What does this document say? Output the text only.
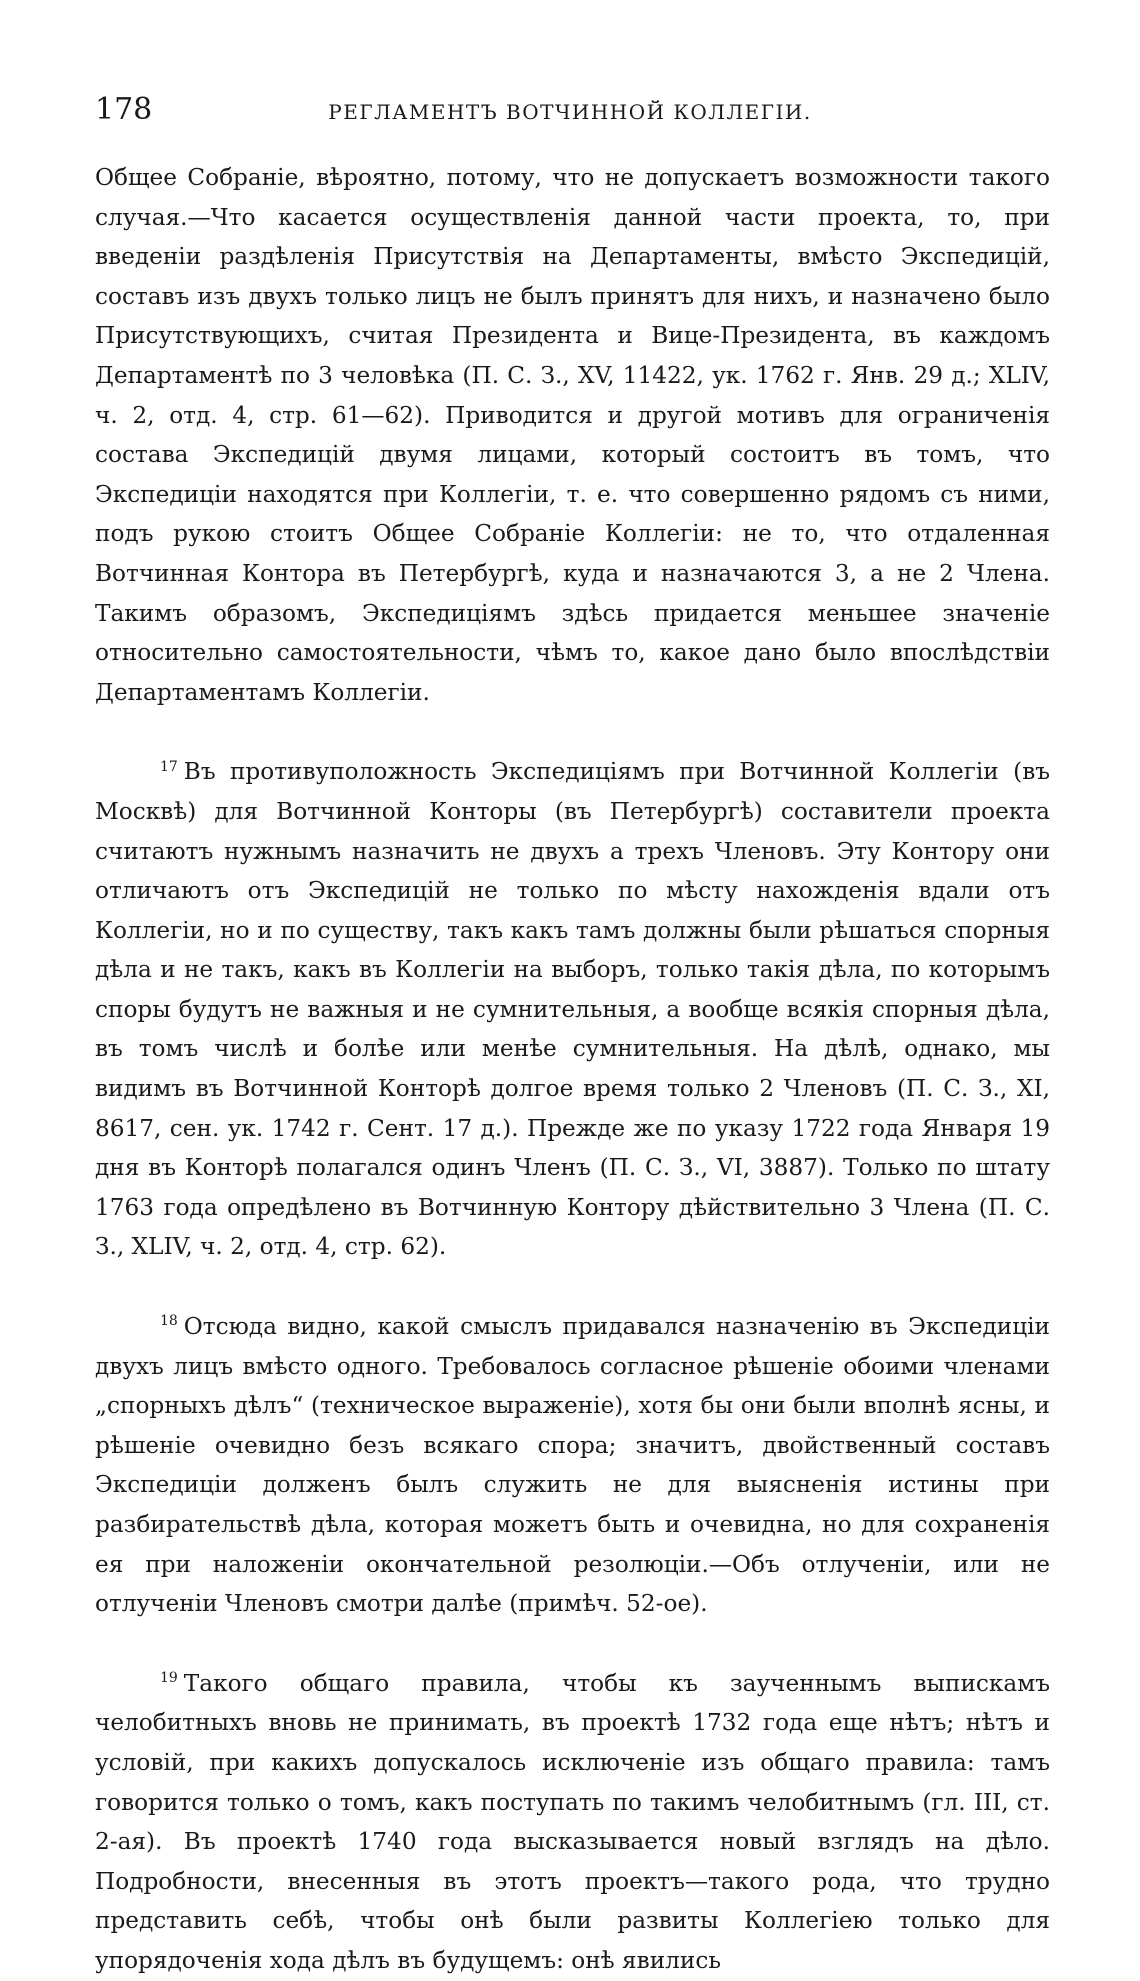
178	РЕГЛАМЕНТЪ ВОТЧИННОЙ КОЛЛЕГІИ.

Общее Собраніе, вѣроятно, потому, что не допускаетъ возможности такого случая.—Что касается осуществленія данной части проекта, то, при введеніи раздѣленія Присутствія на Департаменты, вмѣсто Экспедицій, составъ изъ двухъ только лицъ не былъ принятъ для нихъ, и назначено было Присутствующихъ, считая Президента и Вице-Президента, въ каждомъ Департаментѣ по 3 человѣка (П. С. З., XV, 11422, ук. 1762 г. Янв. 29 д.; XLIV, ч. 2, отд. 4, стр. 61—62). Приводится и другой мотивъ для ограниченія состава Экспедицій двумя лицами, который состоитъ въ томъ, что Экспедиціи находятся при Коллегіи, т. е. что совершенно рядомъ съ ними, подъ рукою стоитъ Общее Собраніе Коллегіи: не то, что отдаленная Вотчинная Контора въ Петербургѣ, куда и назначаются 3, а не 2 Члена. Такимъ образомъ, Экспедиціямъ здѣсь придается меньшее значеніе относительно самостоятельности, чѣмъ то, какое дано было впослѣдствіи Департаментамъ Коллегіи.

$^{17}$ Въ противуположность Экспедиціямъ при Вотчинной Коллегіи (въ Москвѣ) для Вотчинной Конторы (въ Петербургѣ) составители проекта считаютъ нужнымъ назначить не двухъ а трехъ Членовъ. Эту Контору они отличаютъ отъ Экспедицій не только по мѣсту нахожденія вдали отъ Коллегіи, но и по существу, такъ какъ тамъ должны были рѣшаться спорныя дѣла и не такъ, какъ въ Коллегіи на выборъ, только такія дѣла, по которымъ споры будутъ не важныя и не сумнительныя, а вообще всякія спорныя дѣла, въ томъ числѣ и болѣе или менѣе сумнительныя. На дѣлѣ, однако, мы видимъ въ Вотчинной Конторѣ долгое время только 2 Членовъ (П. С. З., XI, 8617, сен. ук. 1742 г. Сент. 17 д.). Прежде же по указу 1722 года Января 19 дня въ Конторѣ полагался одинъ Членъ (П. С. З., VI, 3887). Только по штату 1763 года опредѣлено въ Вотчинную Контору дѣйствительно 3 Члена (П. С. З., XLIV, ч. 2, отд. 4, стр. 62).

$^{18}$ Отсюда видно, какой смыслъ придавался назначенію въ Экспедиціи двухъ лицъ вмѣсто одного. Требовалось согласное рѣшеніе обоими членами „спорныхъ дѣлъ“ (техническое выраженіе), хотя бы они были вполнѣ ясны, и рѣшеніе очевидно безъ всякаго спора; значитъ, двойственный составъ Экспедиціи долженъ былъ служить не для выясненія истины при разбирательствѣ дѣла, которая можетъ быть и очевидна, но для сохраненія ея при наложеніи окончательной резолюціи.—Объ отлученіи, или не отлученіи Членовъ смотри далѣе (примѣч. 52-ое).

$^{19}$ Такого общаго правила, чтобы къ заученнымъ выпискамъ челобитныхъ вновь не принимать, въ проектѣ 1732 года еще нѣтъ; нѣтъ и условій, при какихъ допускалось исключеніе изъ общаго правила: тамъ говорится только о томъ, какъ поступать по такимъ челобитнымъ (гл. III, ст. 2-ая). Въ проектѣ 1740 года высказывается новый взглядъ на дѣло. Подробности, внесенныя въ этотъ проектъ—такого рода, что трудно представить себѣ, чтобы онѣ были развиты Коллегіею только для упорядоченія хода дѣлъ въ будущемъ: онѣ явились
